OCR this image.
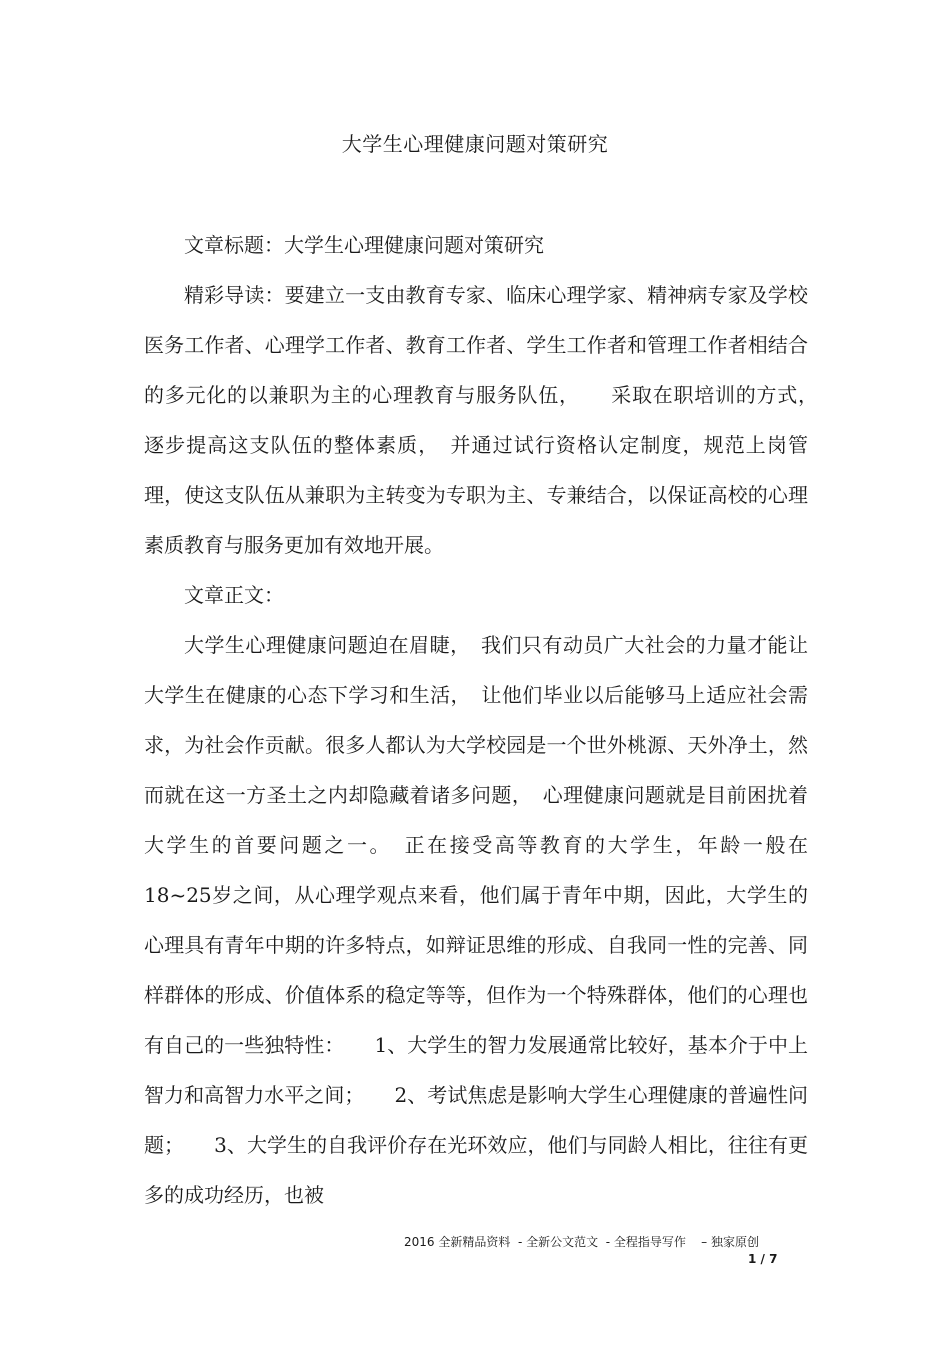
大学生心理健康问题对策研究

文章标题：大学生心理健康问题对策研究

精彩导读：要建立一支由教育专家、临床心理学家、精神病专家及学校医务工作者、心理学工作者、教育工作者、学生工作者和管理工作者相结合的多元化的以兼职为主的心理教育与服务队伍，　　采取在职培训的方式，　逐步提高这支队伍的整体素质，　并通过试行资格认定制度，规范上岗管理，使这支队伍从兼职为主转变为专职为主、专兼结合，以保证高校的心理素质教育与服务更加有效地开展。

文章正文：

大学生心理健康问题迫在眉睫，　我们只有动员广大社会的力量才能让大学生在健康的心态下学习和生活，　让他们毕业以后能够马上适应社会需求，为社会作贡献。很多人都认为大学校园是一个世外桃源、天外净土，然而就在这一方圣土之内却隐藏着诸多问题，　心理健康问题就是目前困扰着大学生的首要问题之一。　正在接受高等教育的大学生，年龄一般在　18~25岁之间，从心理学观点来看，他们属于青年中期，因此，大学生的心理具有青年中期的许多特点，如辩证思维的形成、自我同一性的完善、同样群体的形成、价值体系的稳定等等，但作为一个特殊群体，他们的心理也有自己的一些独特性：　　1、大学生的智力发展通常比较好，基本介于中上智力和高智力水平之间；　　2、考试焦虑是影响大学生心理健康的普遍性问题；　　3、大学生的自我评价存在光环效应，他们与同龄人相比，往往有更多的成功经历，也被

2016 全新精品资料  - 全新公文范文  - 全程指导写作    – 独家原创
1 / 7
